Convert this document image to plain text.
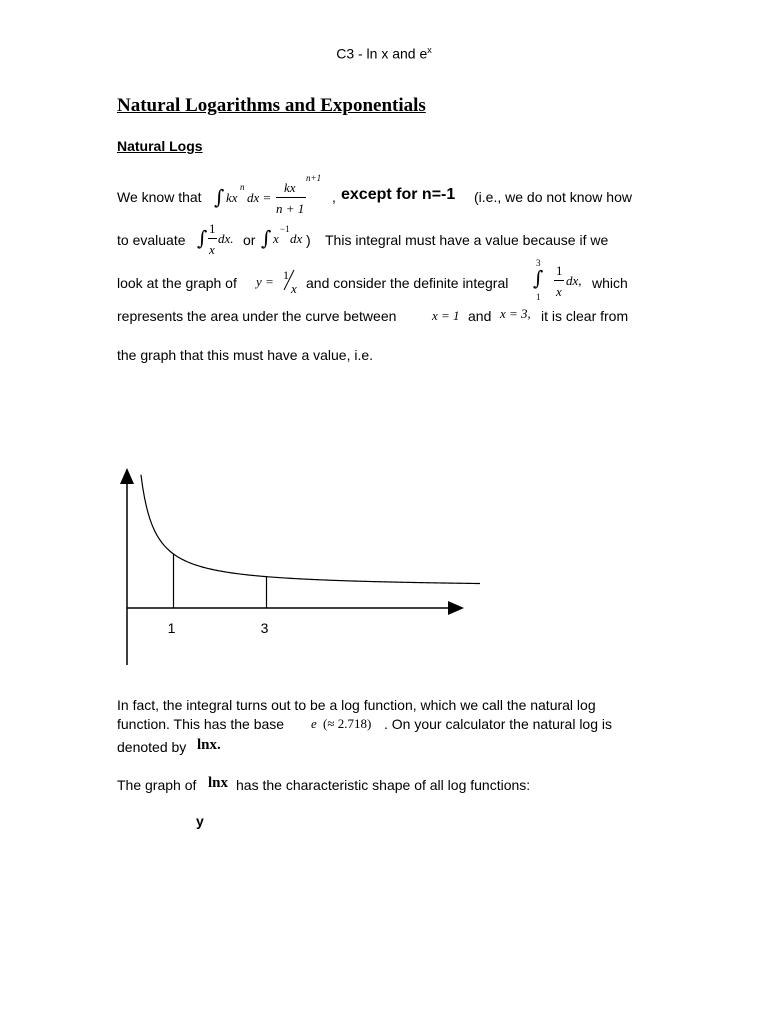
C3 - ln x and $e^x$
Natural Logarithms and Exponentials
Natural Logs
We know that ∫ kx
n
dx =
kx
n+1
n + 1
, except for n=-1 (i.e., we do not know how
to evaluate ∫ 1
x
dx. or ∫ x
−1
dx ) This integral must have a value because if we
look at the graph of y = 1
x and consider the definite integral
3
∫
1
1
x
dx, which
represents the area under the curve between	x = 1 and x = 3, it is clear from
the graph that this must have a value, i.e.
1	3
In fact, the integral turns out to be a log function, which we call the natural log
function. This has the base e (≈ 2.718) . On your calculator the natural log is
denoted by lnx.
The graph of lnx has the characteristic shape of all log functions:
y
